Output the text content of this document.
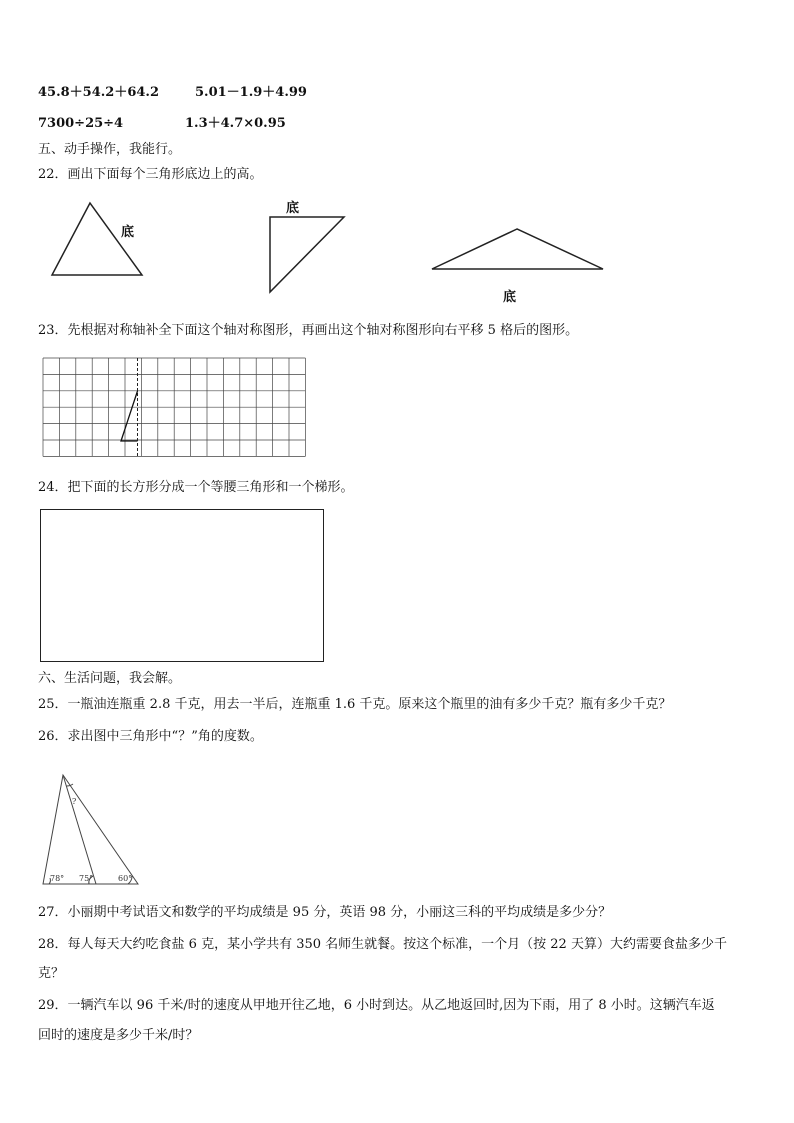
45.8＋54.2＋64.2	5.01－1.9＋4.99
7300÷25÷4	1.3＋4.7×0.95
五、动手操作，我能行。
22．画出下面每个三角形底边上的高。
底
底
底
23．先根据对称轴补全下面这个轴对称图形，再画出这个轴对称图形向右平移 5 格后的图形。
24．把下面的长方形分成一个等腰三角形和一个梯形。
六、生活问题，我会解。
25．一瓶油连瓶重 2.8 千克，用去一半后，连瓶重 1.6 千克。原来这个瓶里的油有多少千克？瓶有多少千克？
26．求出图中三角形中“？”角的度数。
?
78° 75°	60°
27．小丽期中考试语文和数学的平均成绩是 95 分，英语 98 分，小丽这三科的平均成绩是多少分？
28．每人每天大约吃食盐 6 克，某小学共有 350 名师生就餐。按这个标准，一个月（按 22 天算）大约需要食盐多少千
克？
29．一辆汽车以 96 千米/时的速度从甲地开往乙地，6 小时到达。从乙地返回时,因为下雨，用了 8 小时。这辆汽车返
回时的速度是多少千米/时？
